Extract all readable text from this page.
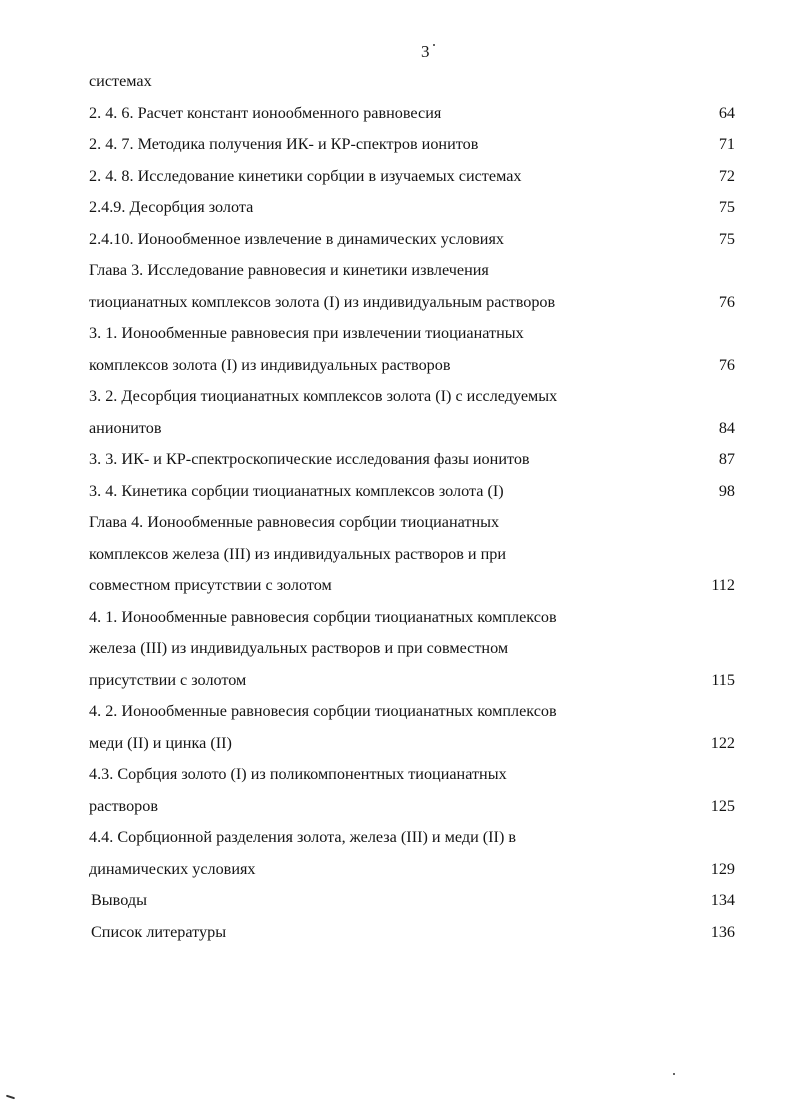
3
системах
2. 4. 6. Расчет констант ионообменного равновесия	64
2. 4. 7. Методика получения ИК- и КР-спектров ионитов	71
2. 4. 8. Исследование кинетики сорбции в изучаемых системах	72
2.4.9. Десорбция золота	75
2.4.10. Ионообменное извлечение в динамических условиях	75
Глава 3. Исследование равновесия и кинетики извлечения
тиоцианатных комплексов золота (I) из индивидуальным растворов	76
3. 1. Ионообменные равновесия при извлечении тиоцианатных
комплексов золота (I) из индивидуальных растворов	76
3. 2. Десорбция тиоцианатных комплексов золота (I) с исследуемых
анионитов	84
3. 3. ИК- и КР-спектроскопические исследования фазы ионитов	87
3. 4. Кинетика сорбции тиоцианатных комплексов золота (I)	98
Глава 4. Ионообменные равновесия сорбции тиоцианатных
комплексов железа (III) из индивидуальных растворов и при
совместном присутствии с золотом	112
4. 1. Ионообменные равновесия сорбции тиоцианатных комплексов
железа (III) из индивидуальных растворов и при совместном
присутствии с золотом	115
4. 2. Ионообменные равновесия сорбции тиоцианатных комплексов
меди (II) и цинка (II)	122
4.3. Сорбция золото (I) из поликомпонентных тиоцианатных
растворов	125
4.4. Сорбционной разделения золота, железа (III) и меди (II) в
динамических условиях	129
Выводы	134
Список литературы	136
